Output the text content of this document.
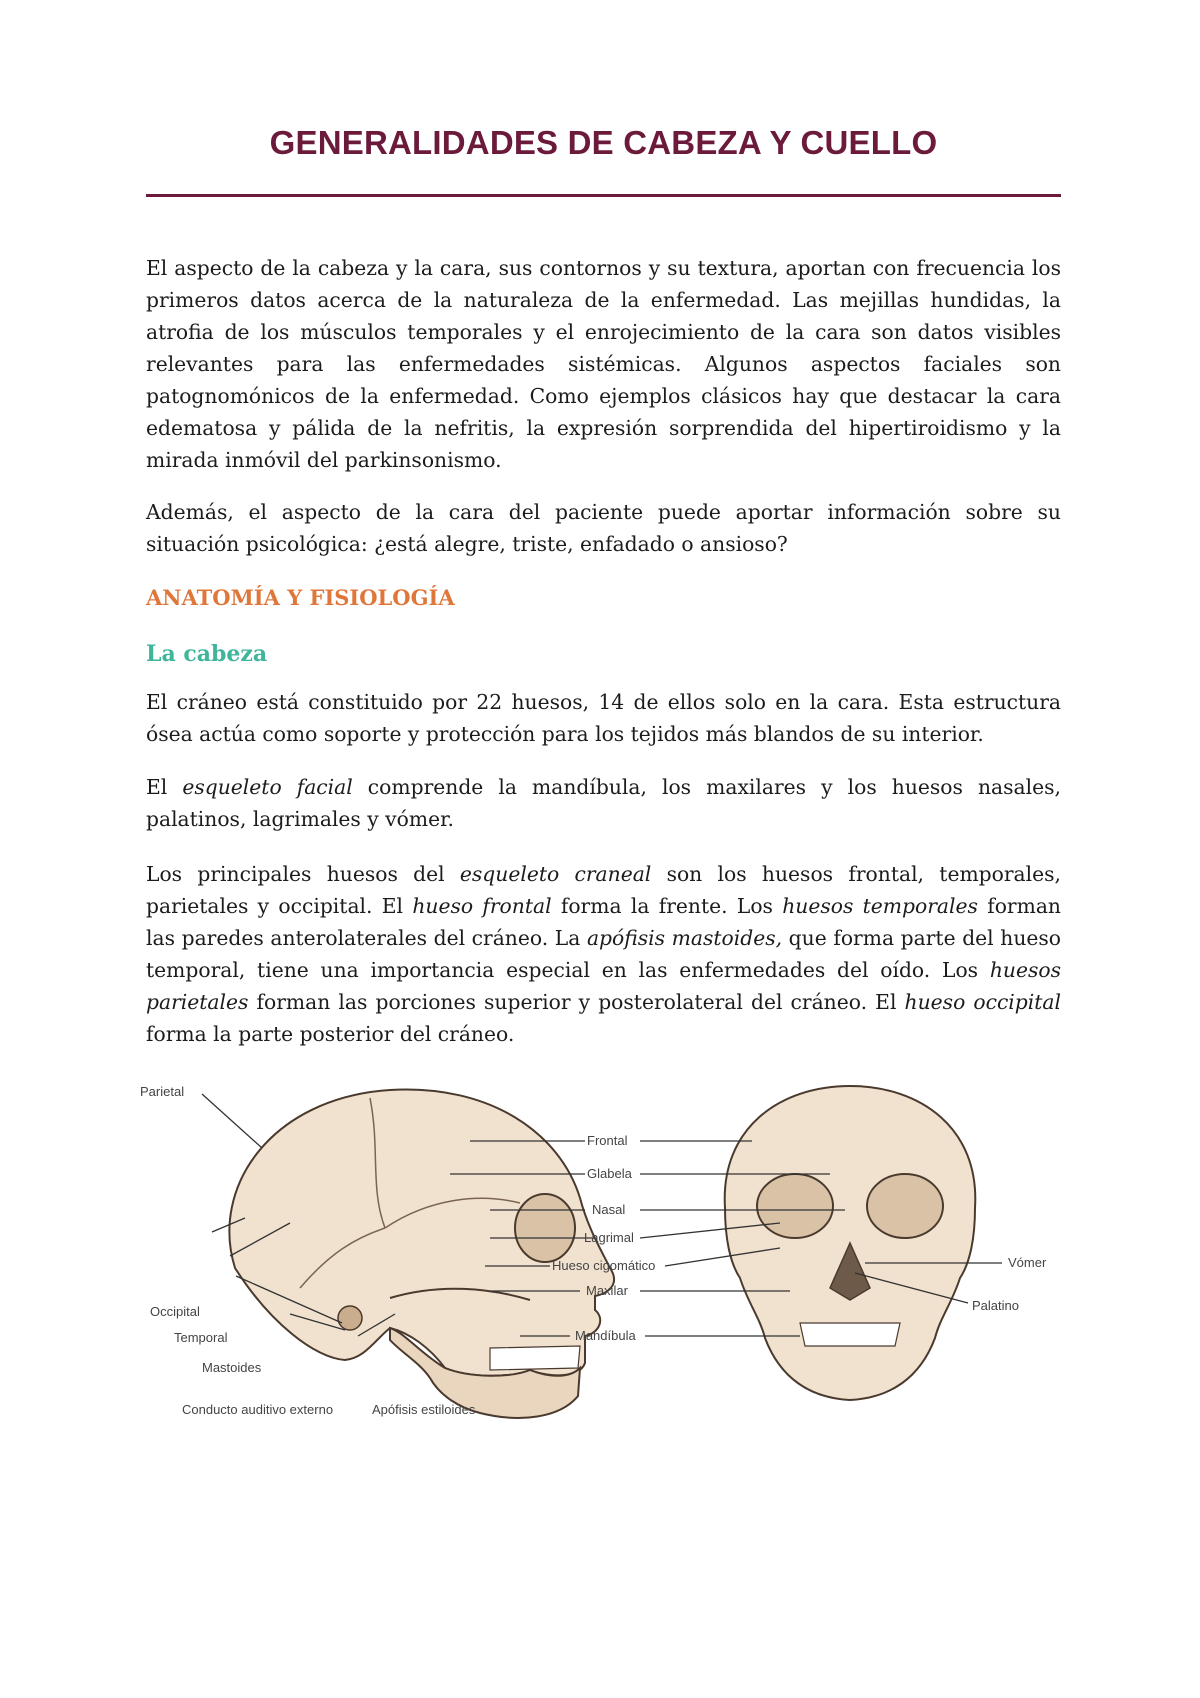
GENERALIDADES DE CABEZA Y CUELLO

El aspecto de la cabeza y la cara, sus contornos y su textura, aportan con frecuencia los primeros datos acerca de la naturaleza de la enfermedad. Las mejillas hundidas, la atrofia de los músculos temporales y el enrojecimiento de la cara son datos visibles relevantes para las enfermedades sistémicas. Algunos aspectos faciales son patognomónicos de la enfermedad. Como ejemplos clásicos hay que destacar la cara edematosa y pálida de la nefritis, la expresión sorprendida del hipertiroidismo y la mirada inmóvil del parkinsonismo.

Además, el aspecto de la cara del paciente puede aportar información sobre su situación psicológica: ¿está alegre, triste, enfadado o ansioso?

ANATOMÍA Y FISIOLOGÍA
La cabeza

El cráneo está constituido por 22 huesos, 14 de ellos solo en la cara. Esta estructura ósea actúa como soporte y protección para los tejidos más blandos de su interior.

El esqueleto facial comprende la mandíbula, los maxilares y los huesos nasales, palatinos, lagrimales y vómer.

Los principales huesos del esqueleto craneal son los huesos frontal, temporales, parietales y occipital. El hueso frontal forma la frente. Los huesos temporales forman las paredes anterolaterales del cráneo. La apófisis mastoides, que forma parte del hueso temporal, tiene una importancia especial en las enfermedades del oído. Los huesos parietales forman las porciones superior y posterolateral del cráneo. El hueso occipital forma la parte posterior del cráneo.

Parietal
Occipital
Temporal
Mastoides
Conducto auditivo externo	Apófisis estiloides
Frontal
Glabela
Nasal
Lagrimal
Hueso cigomático
Maxilar
Mandíbula
Vómer
Palatino
